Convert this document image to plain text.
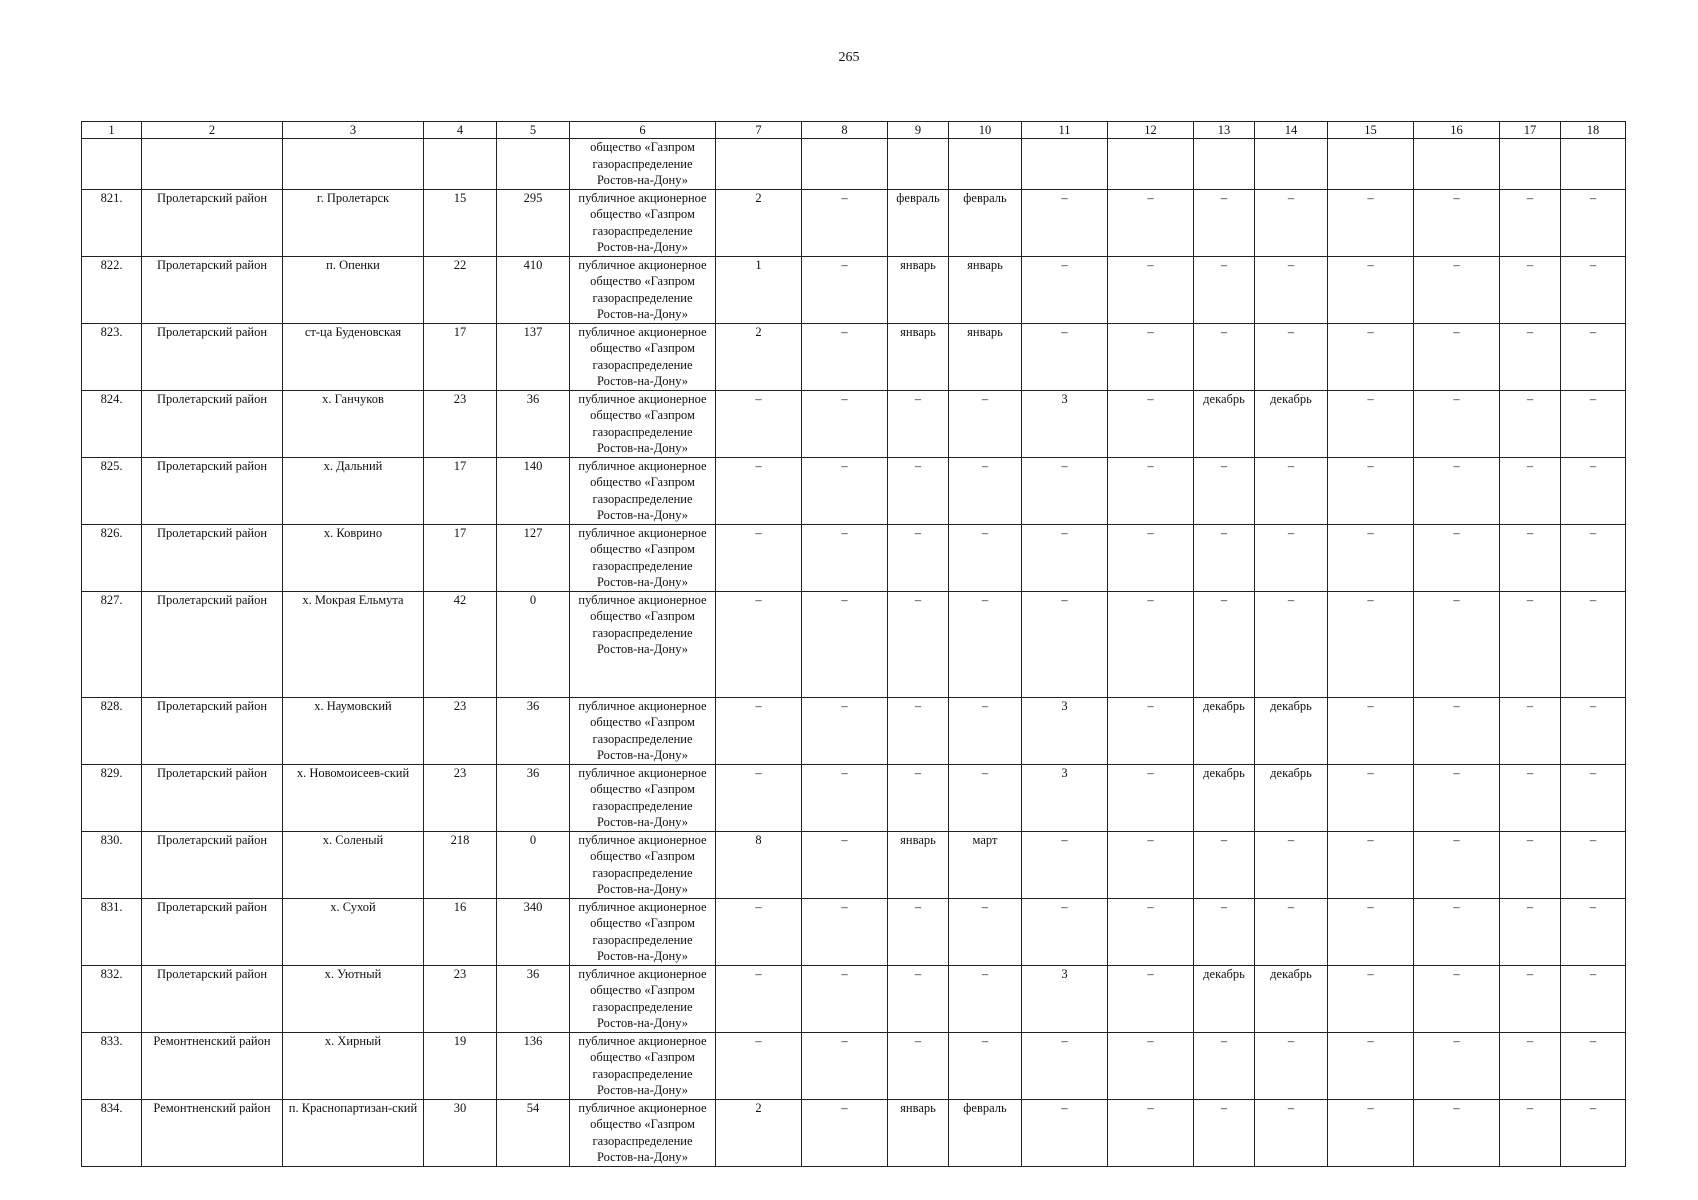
265
1	2	3	4	5	6	7	8	9	10	11	12	13	14	15	16	17	18
					общество «Газпром газораспределение Ростов-на-Дону»												
821.	Пролетарский район	г. Пролетарск	15	295	публичное акционерное общество «Газпром газораспределение Ростов-на-Дону»	2	–	февраль	февраль	–	–	–	–	–	–	–	–
822.	Пролетарский район	п. Опенки	22	410	публичное акционерное общество «Газпром газораспределение Ростов-на-Дону»	1	–	январь	январь	–	–	–	–	–	–	–	–
823.	Пролетарский район	ст-ца Буденовская	17	137	публичное акционерное общество «Газпром газораспределение Ростов-на-Дону»	2	–	январь	январь	–	–	–	–	–	–	–	–
824.	Пролетарский район	х. Ганчуков	23	36	публичное акционерное общество «Газпром газораспределение Ростов-на-Дону»	–	–	–	–	3	–	декабрь	декабрь	–	–	–	–
825.	Пролетарский район	х. Дальний	17	140	публичное акционерное общество «Газпром газораспределение Ростов-на-Дону»	–	–	–	–	–	–	–	–	–	–	–	–
826.	Пролетарский район	х. Коврино	17	127	публичное акционерное общество «Газпром газораспределение Ростов-на-Дону»	–	–	–	–	–	–	–	–	–	–	–	–
827.	Пролетарский район	х. Мокрая Ельмута	42	0	публичное акционерное общество «Газпром газораспределение Ростов-на-Дону»	–	–	–	–	–	–	–	–	–	–	–	–
828.	Пролетарский район	х. Наумовский	23	36	публичное акционерное общество «Газпром газораспределение Ростов-на-Дону»	–	–	–	–	3	–	декабрь	декабрь	–	–	–	–
829.	Пролетарский район	х. Новомоисеев-ский	23	36	публичное акционерное общество «Газпром газораспределение Ростов-на-Дону»	–	–	–	–	3	–	декабрь	декабрь	–	–	–	–
830.	Пролетарский район	х. Соленый	218	0	публичное акционерное общество «Газпром газораспределение Ростов-на-Дону»	8	–	январь	март	–	–	–	–	–	–	–	–
831.	Пролетарский район	х. Сухой	16	340	публичное акционерное общество «Газпром газораспределение Ростов-на-Дону»	–	–	–	–	–	–	–	–	–	–	–	–
832.	Пролетарский район	х. Уютный	23	36	публичное акционерное общество «Газпром газораспределение Ростов-на-Дону»	–	–	–	–	3	–	декабрь	декабрь	–	–	–	–
833.	Ремонтненский район	х. Хирный	19	136	публичное акционерное общество «Газпром газораспределение Ростов-на-Дону»	–	–	–	–	–	–	–	–	–	–	–	–
834.	Ремонтненский район	п. Краснопартизан-ский	30	54	публичное акционерное общество «Газпром газораспределение Ростов-на-Дону»	2	–	январь	февраль	–	–	–	–	–	–	–	–
